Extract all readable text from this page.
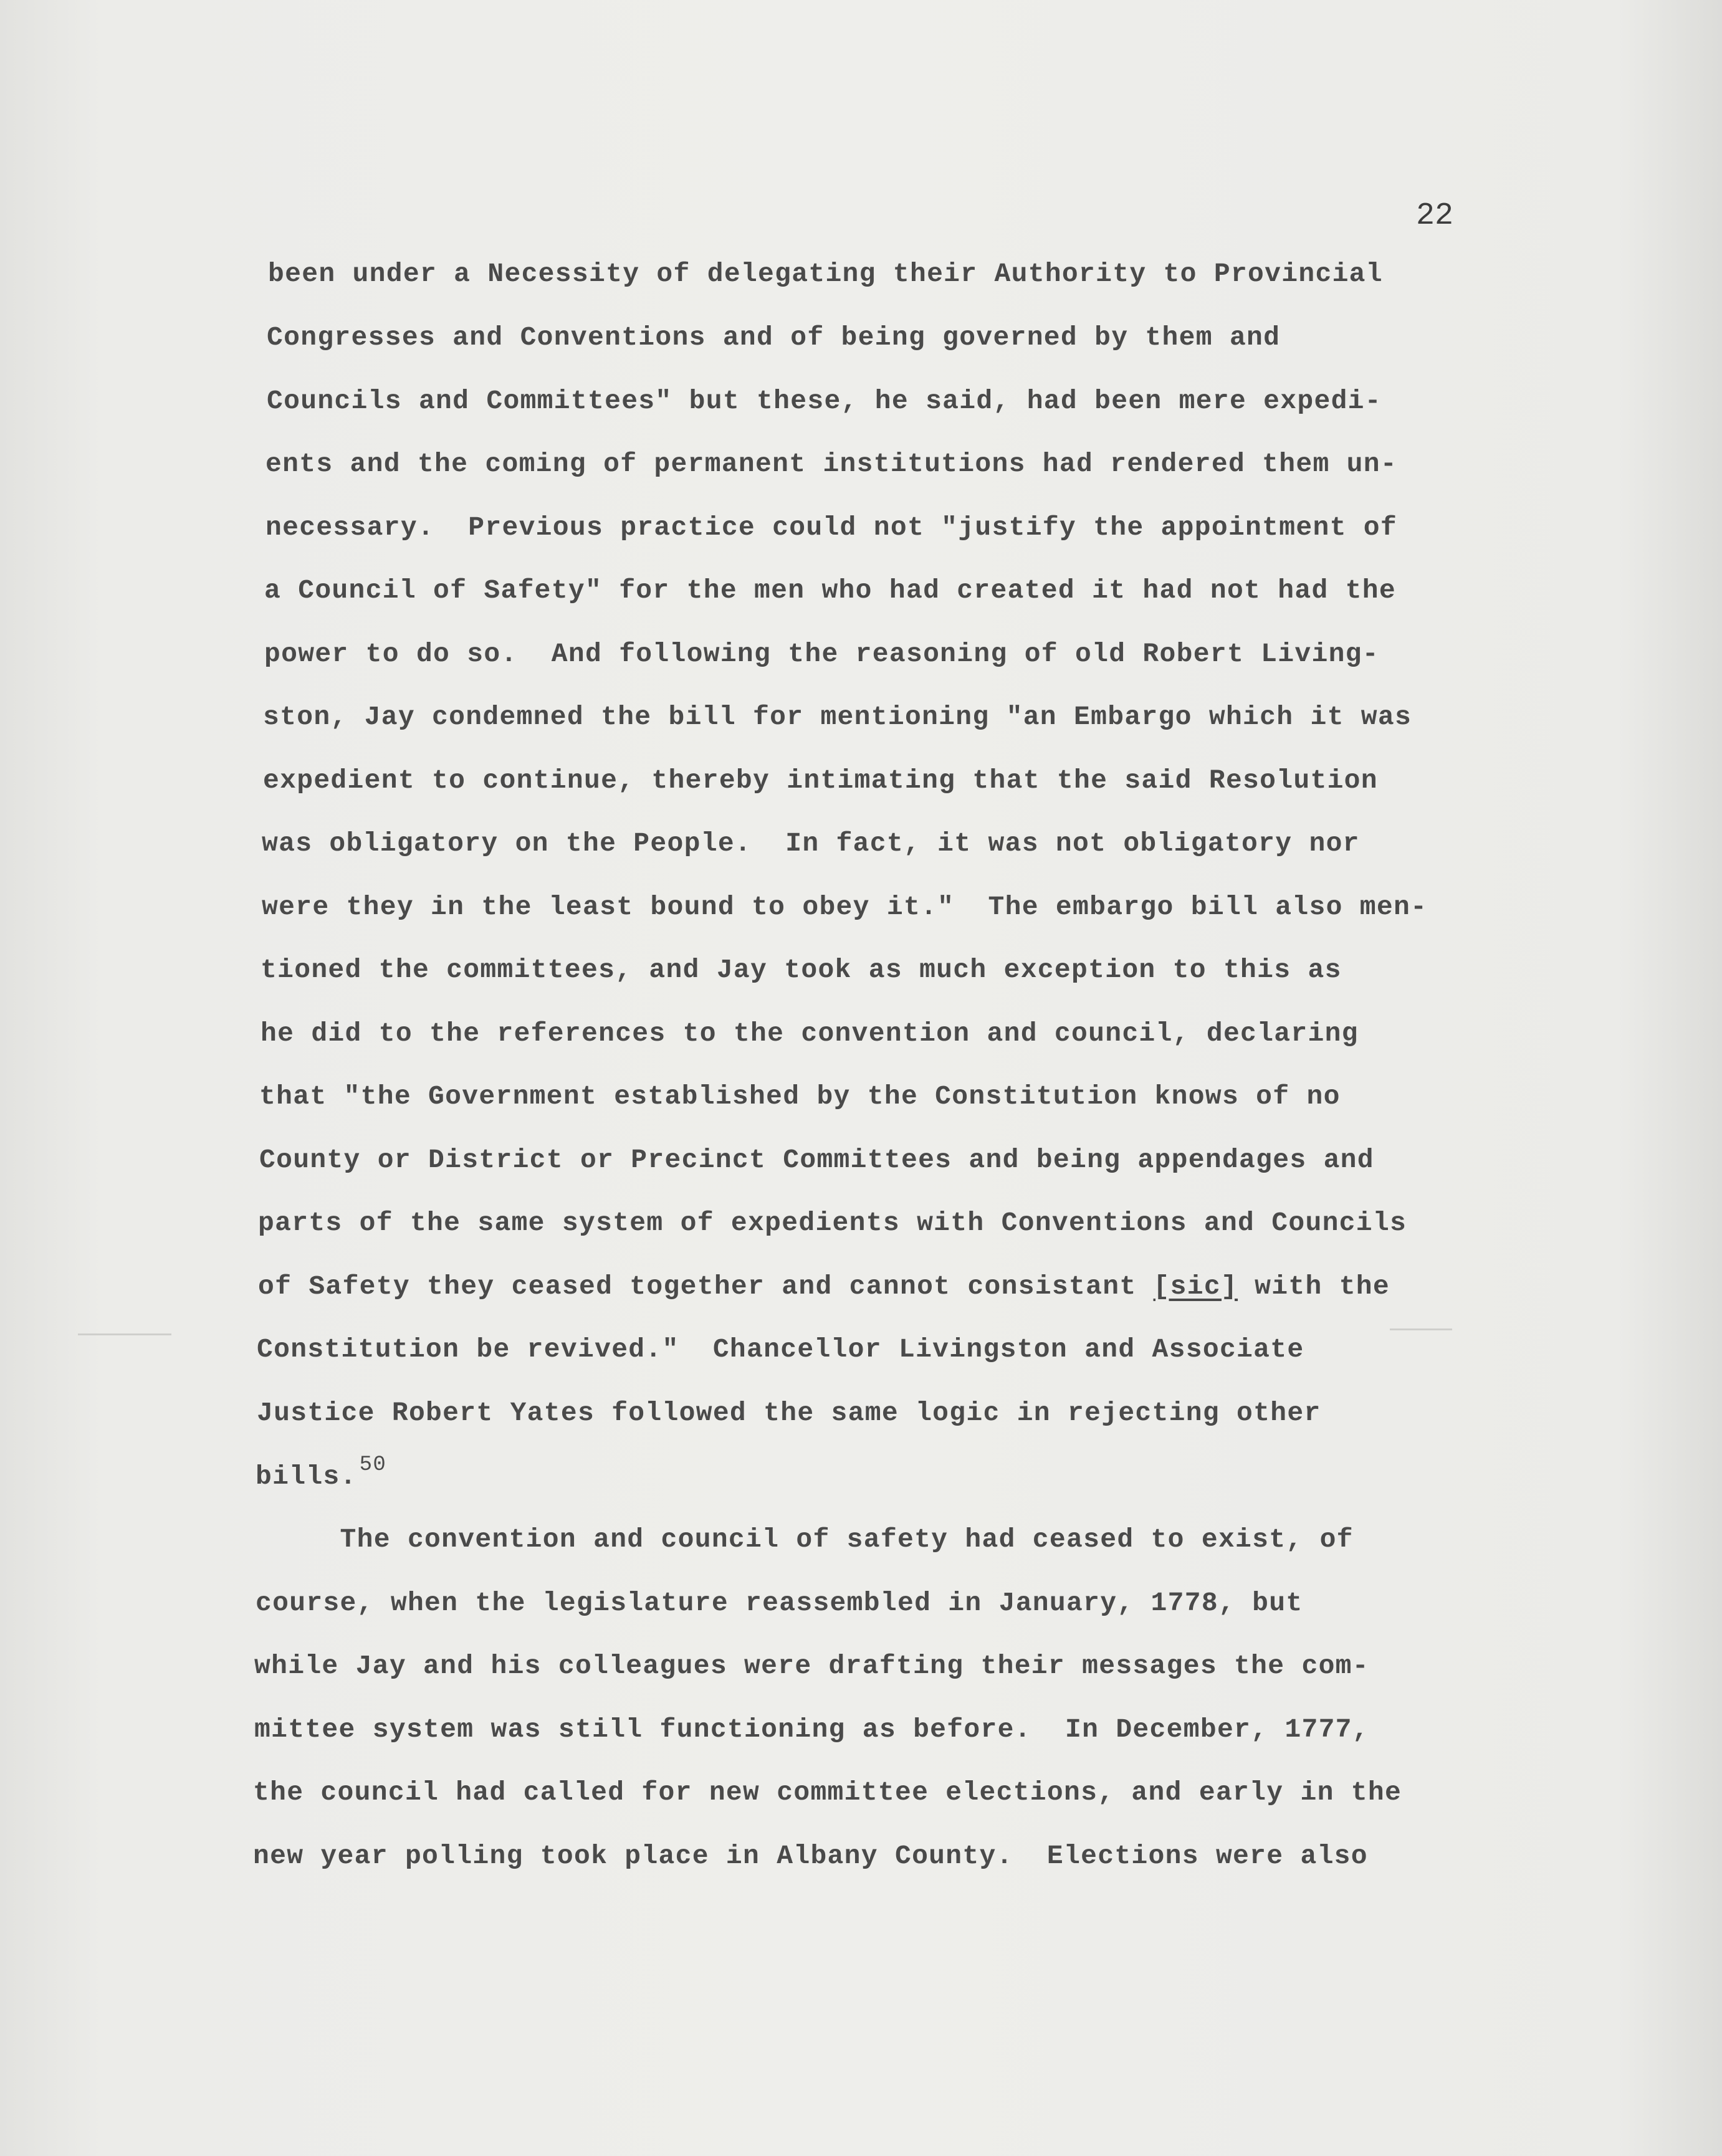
22

been under a Necessity of delegating their Authority to Provincial

Congresses and Conventions and of being governed by them and

Councils and Committees" but these, he said, had been mere expedi-

ents and the coming of permanent institutions had rendered them un-

necessary.  Previous practice could not "justify the appointment of

a Council of Safety" for the men who had created it had not had the

power to do so.  And following the reasoning of old Robert Living-

ston, Jay condemned the bill for mentioning "an Embargo which it was

expedient to continue, thereby intimating that the said Resolution

was obligatory on the People.  In fact, it was not obligatory nor

were they in the least bound to obey it."  The embargo bill also men-

tioned the committees, and Jay took as much exception to this as

he did to the references to the convention and council, declaring

that "the Government established by the Constitution knows of no

County or District or Precinct Committees and being appendages and

parts of the same system of expedients with Conventions and Councils

of Safety they ceased together and cannot consistant [sic] with the

Constitution be revived."  Chancellor Livingston and Associate

Justice Robert Yates followed the same logic in rejecting other

bills. $^{50}$

The convention and council of safety had ceased to exist, of

course, when the legislature reassembled in January, 1778, but

while Jay and his colleagues were drafting their messages the com-

mittee system was still functioning as before.  In December, 1777,

the council had called for new committee elections, and early in the

new year polling took place in Albany County.  Elections were also
